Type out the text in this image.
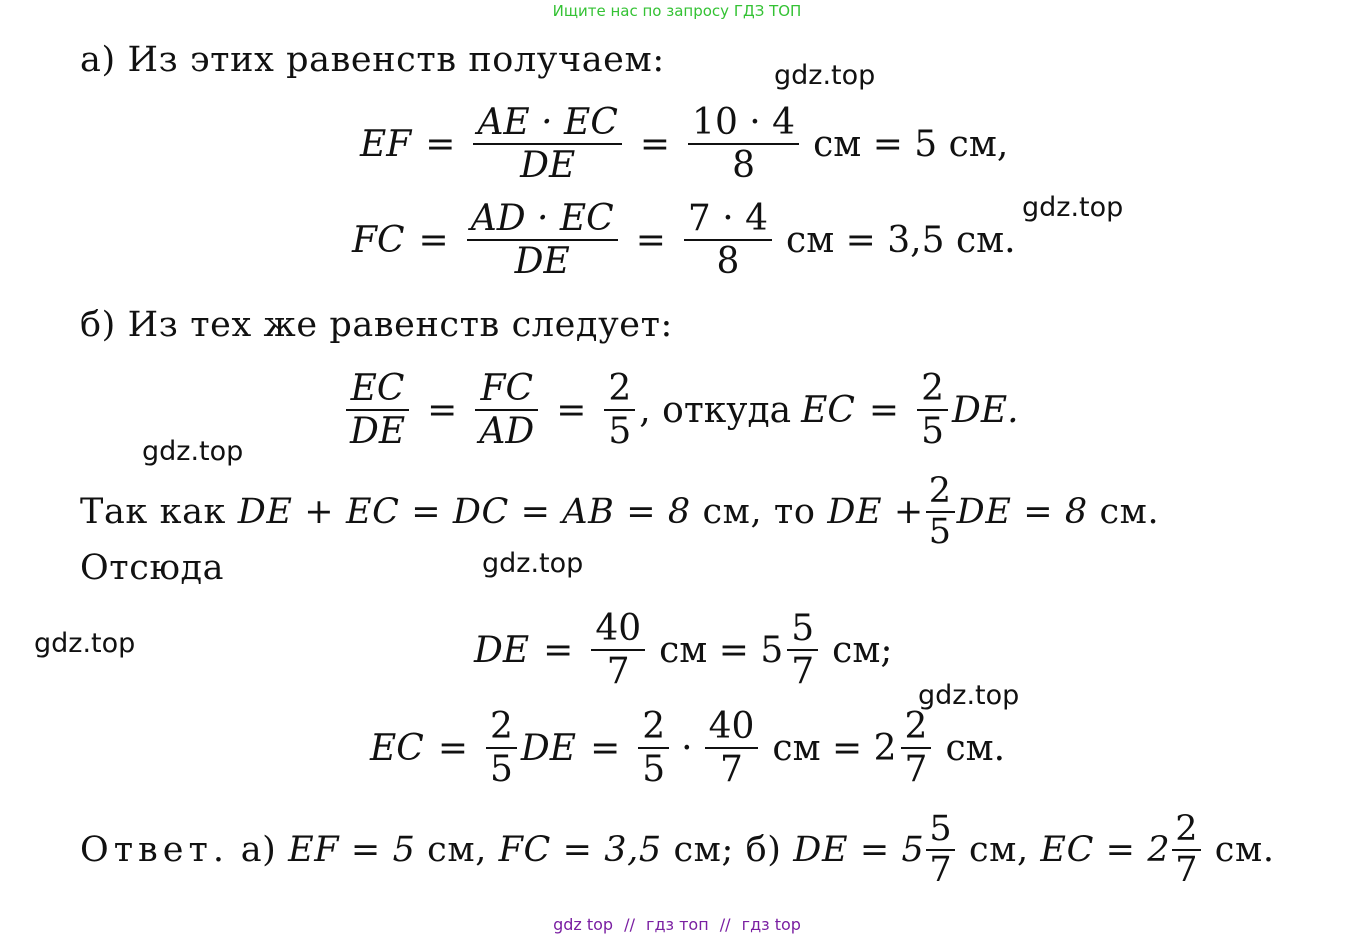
Ищите нас по запросу ГДЗ ТОП
gdz.top
gdz.top
gdz.top
gdz.top
gdz.top
gdz.top
а) Из этих равенств получаем:
EF = $\frac{AE \cdot EC}{DE} = \frac{10 \cdot 4}{8}$ см = 5 см,
FC = $\frac{AD \cdot EC}{DE} = \frac{7 \cdot 4}{8}$ см = 3,5 см.
б) Из тех же равенств следует:
$\frac{EC}{DE} = \frac{FC}{AD} = \frac{2}{5}$ , откуда EC = $\frac{2}{5}$ DE.
Так как DE + EC = DC = AB = 8 см, то DE + $\frac{2}{5}$ DE = 8 см.
Отсюда
DE = $\frac{40}{7}$ см = $5 \frac{5}{7}$ см;
EC = $\frac{2}{5}$ DE = $\frac{2}{5} \cdot \frac{40}{7}$ см = $2 \frac{2}{7}$ см.
Ответ. а) EF = 5 см, FC = 3,5 см; б) DE = $5 \frac{5}{7}$ см, EC = $2 \frac{2}{7}$ см.
gdz top // гдз топ // гдз top
